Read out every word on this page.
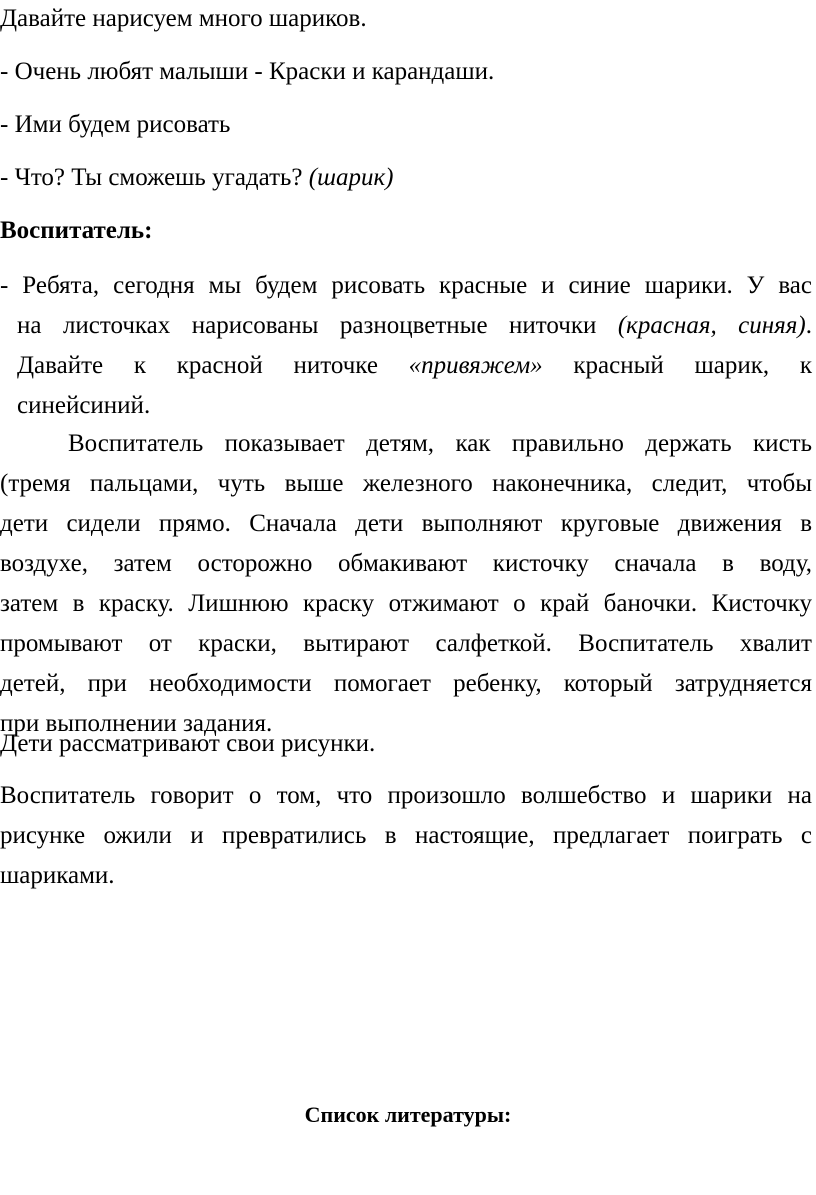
Давайте нарисуем много шариков.
- Очень любят малыши - Краски и карандаши.
- Ими будем рисовать
- Что? Ты сможешь угадать? (шарик)
Воспитатель:
- Ребята, сегодня мы будем рисовать красные и синие шарики. У вас
на листочках нарисованы разноцветные ниточки (красная, синяя).
Давайте к красной ниточке «привяжем» красный шарик, к
синейсиний.
Воспитатель показывает детям, как правильно держать кисть
(тремя пальцами, чуть выше железного наконечника, следит, чтобы
дети сидели прямо. Сначала дети выполняют круговые движения в
воздухе, затем осторожно обмакивают кисточку сначала в воду,
затем в краску. Лишнюю краску отжимают о край баночки. Кисточку
промывают от краски, вытирают салфеткой. Воспитатель хвалит
детей, при необходимости помогает ребенку, который затрудняется
при выполнении задания.
Дети рассматривают свои рисунки.
Воспитатель говорит о том, что произошло волшебство и шарики на
рисунке ожили и превратились в настоящие, предлагает поиграть с
шариками.
Список литературы:
